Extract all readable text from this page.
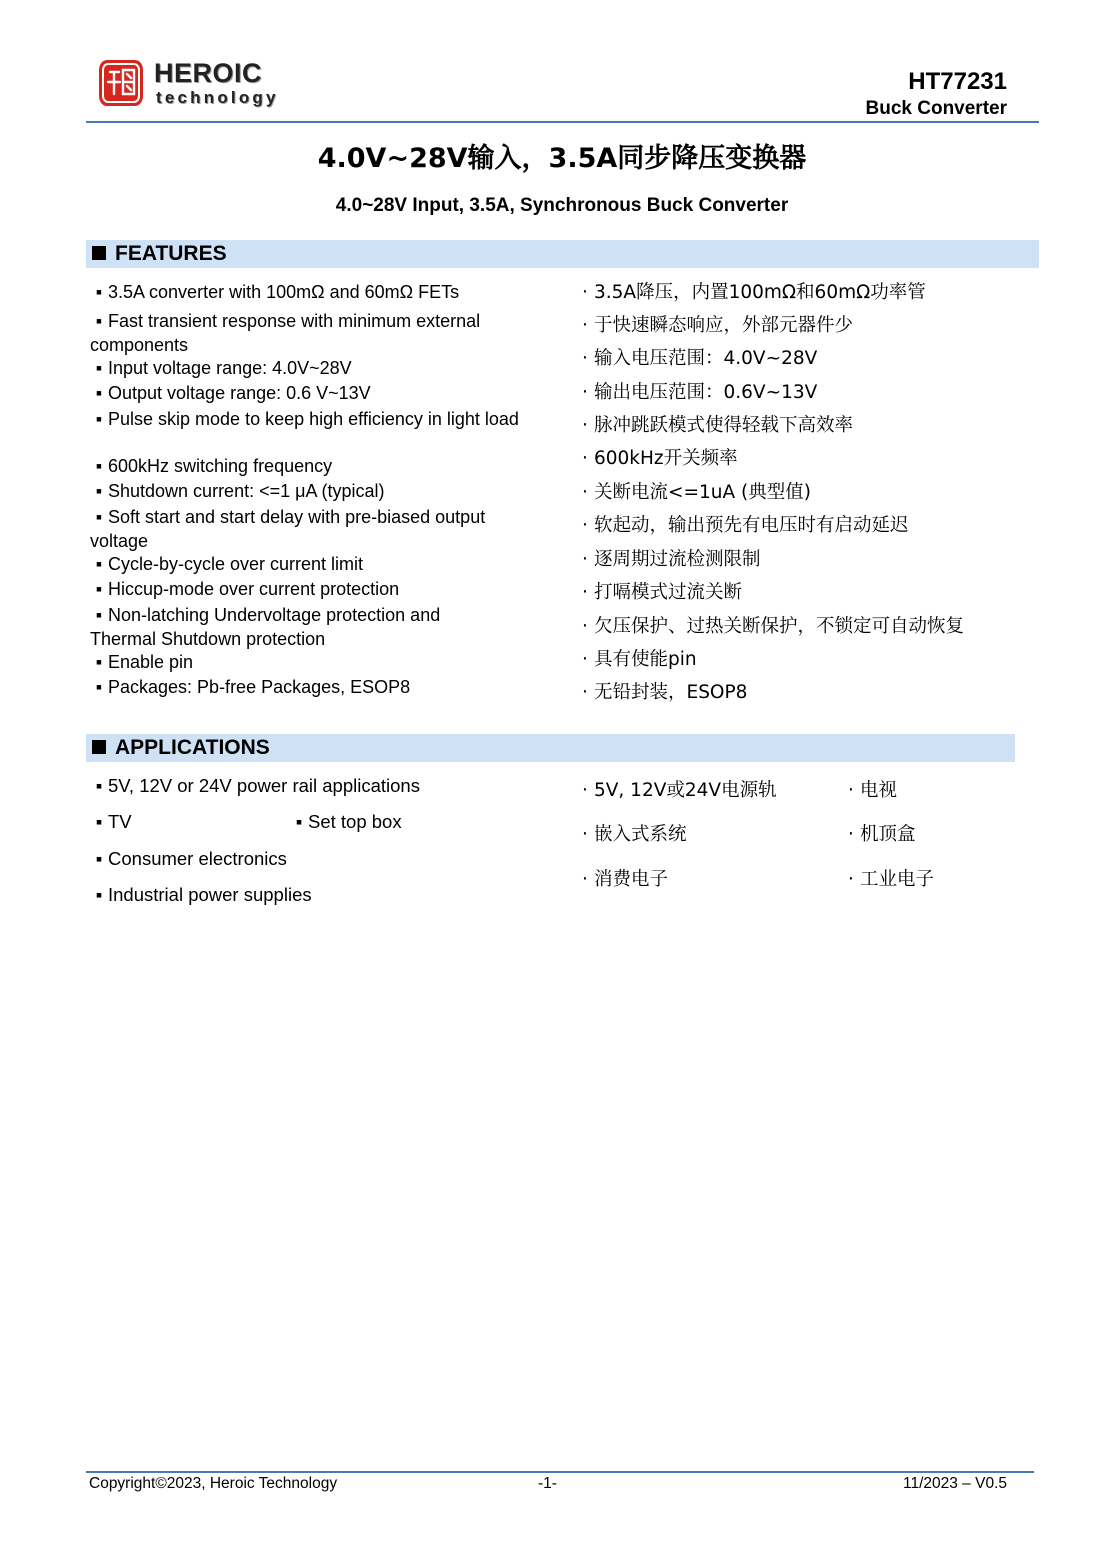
HEROIC
technology
HT77231
Buck Converter
4.0V~28V输入，3.5A同步降压变换器
4.0~28V Input, 3.5A, Synchronous Buck Converter
FEATURES
▪ 3.5A converter with 100mΩ and 60mΩ FETs
▪ Fast transient response with minimum external components
▪ Input voltage range: 4.0V~28V
▪ Output voltage range: 0.6 V~13V
▪ Pulse skip mode to keep high efficiency in light load
▪ 600kHz switching frequency
▪ Shutdown current: <=1 μA (typical)
▪ Soft start and start delay with pre-biased output voltage
▪ Cycle-by-cycle over current limit
▪ Hiccup-mode over current protection
▪ Non-latching Undervoltage protection and Thermal Shutdown protection
▪ Enable pin
▪ Packages: Pb-free Packages, ESOP8
· 3.5A降压，内置100mΩ和60mΩ功率管
· 于快速瞬态响应，外部元器件少
· 输入电压范围：4.0V~28V
· 输出电压范围：0.6V~13V
· 脉冲跳跃模式使得轻载下高效率
· 600kHz开关频率
· 关断电流<=1uA (典型值)
· 软起动，输出预先有电压时有启动延迟
· 逐周期过流检测限制
· 打嗝模式过流关断
· 欠压保护、过热关断保护，不锁定可自动恢复
· 具有使能pin
· 无铅封装，ESOP8
APPLICATIONS
▪ 5V, 12V or 24V power rail applications
▪ TV	▪ Set top box
▪ Consumer electronics
▪ Industrial power supplies
· 5V, 12V或24V电源轨	· 电视
· 嵌入式系统	· 机顶盒
· 消费电子	· 工业电子
Copyright©2023, Heroic Technology	-1-	11/2023 – V0.5
